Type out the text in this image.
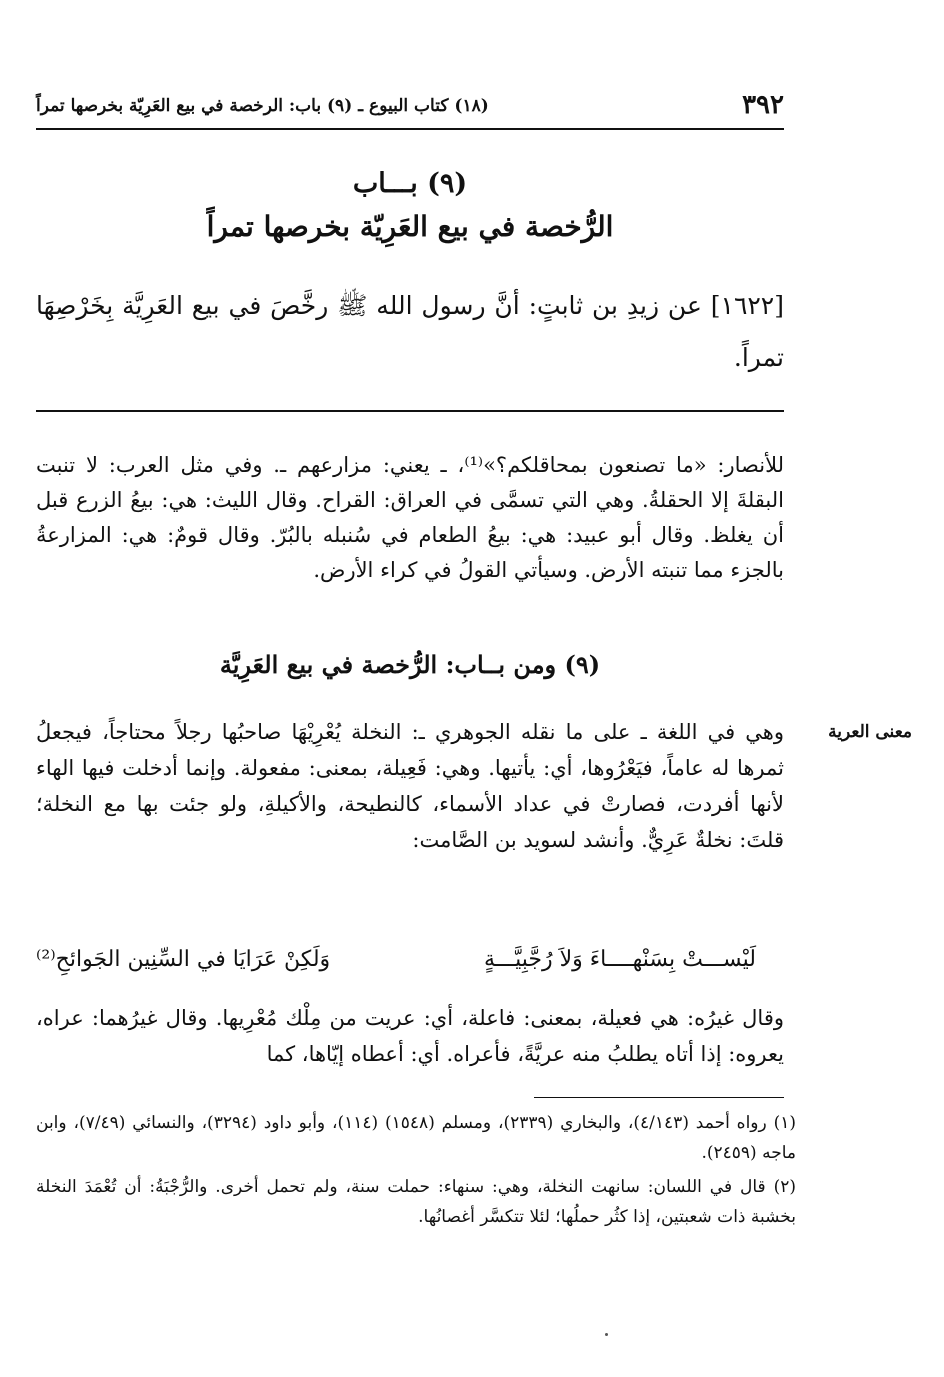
٣٩٢
(١٨) كتاب البيوع ـ (٩) باب: الرخصة في بيع العَرِيّة بخرصها تمراً
(٩) بـــاب
الرُّخصة في بيع العَرِيّة بخرصها تمراً
[١٦٢٢] عن زيدِ بن ثابتٍ: أنَّ رسول الله ﷺ رخَّصَ في بيع العَرِيَّة بِخَرْصِهَا تمراً.
للأنصار: «ما تصنعون بمحاقلكم؟»⁽¹⁾، ـ يعني: مزارعهم ـ. وفي مثل العرب: لا تنبت البقلةَ إلا الحقلةُ. وهي التي تسمَّى في العراق: القراح. وقال الليث: هي: بيعُ الزرع قبل أن يغلظ. وقال أبو عبيد: هي: بيعُ الطعام في سُنبله بالبُرّ. وقال قومٌ: هي: المزارعةُ بالجزء مما تنبته الأرض. وسيأتي القولُ في كراء الأرض.
(٩) ومن بــاب: الرُّخصة في بيع العَرِيَّة
معنى العرية
وهي في اللغة ـ على ما نقله الجوهري ـ: النخلة يُعْرِيْهَا صاحبُها رجلاً محتاجاً، فيجعلُ ثمرها له عاماً، فيَعْرُوها، أي: يأتيها. وهي: فَعِيلة، بمعنى: مفعولة. وإنما أدخلت فيها الهاء لأنها أفردت، فصارتْ في عداد الأسماء، كالنطيحة، والأكيلةِ، ولو جئت بها مع النخلة؛ قلتَ: نخلةٌ عَرِيٌّ. وأنشد لسويد بن الصَّامت:
لَيْســـتْ بِسَنْهــــاءَ وَلاَ رُجَّبِيَّـــةٍ
وَلَكِنْ عَرَايَا في السِّنِين الجَوائحِ⁽²⁾
وقال غيرُه: هي فعيلة، بمعنى: فاعلة، أي: عريت من مِلْك مُعْرِيها. وقال غيرُهما: عراه، يعروه: إذا أتاه يطلبُ منه عريَّةً، فأعراه. أي: أعطاه إيّاها، كما

(١) رواه أحمد (٤/١٤٣)، والبخاري (٢٣٣٩)، ومسلم (١٥٤٨) (١١٤)، وأبو داود (٣٢٩٤)، والنسائي (٧/٤٩)، وابن ماجه (٢٤٥٩).

(٢) قال في اللسان: سانهت النخلة، وهي: سنهاء: حملت سنة، ولم تحمل أخرى. والرُّجْبَةُ: أن تُعْمَدَ النخلة بخشبة ذات شعبتين، إذا كثُر حملُها؛ لئلا تتكسَّر أغصانُها.
